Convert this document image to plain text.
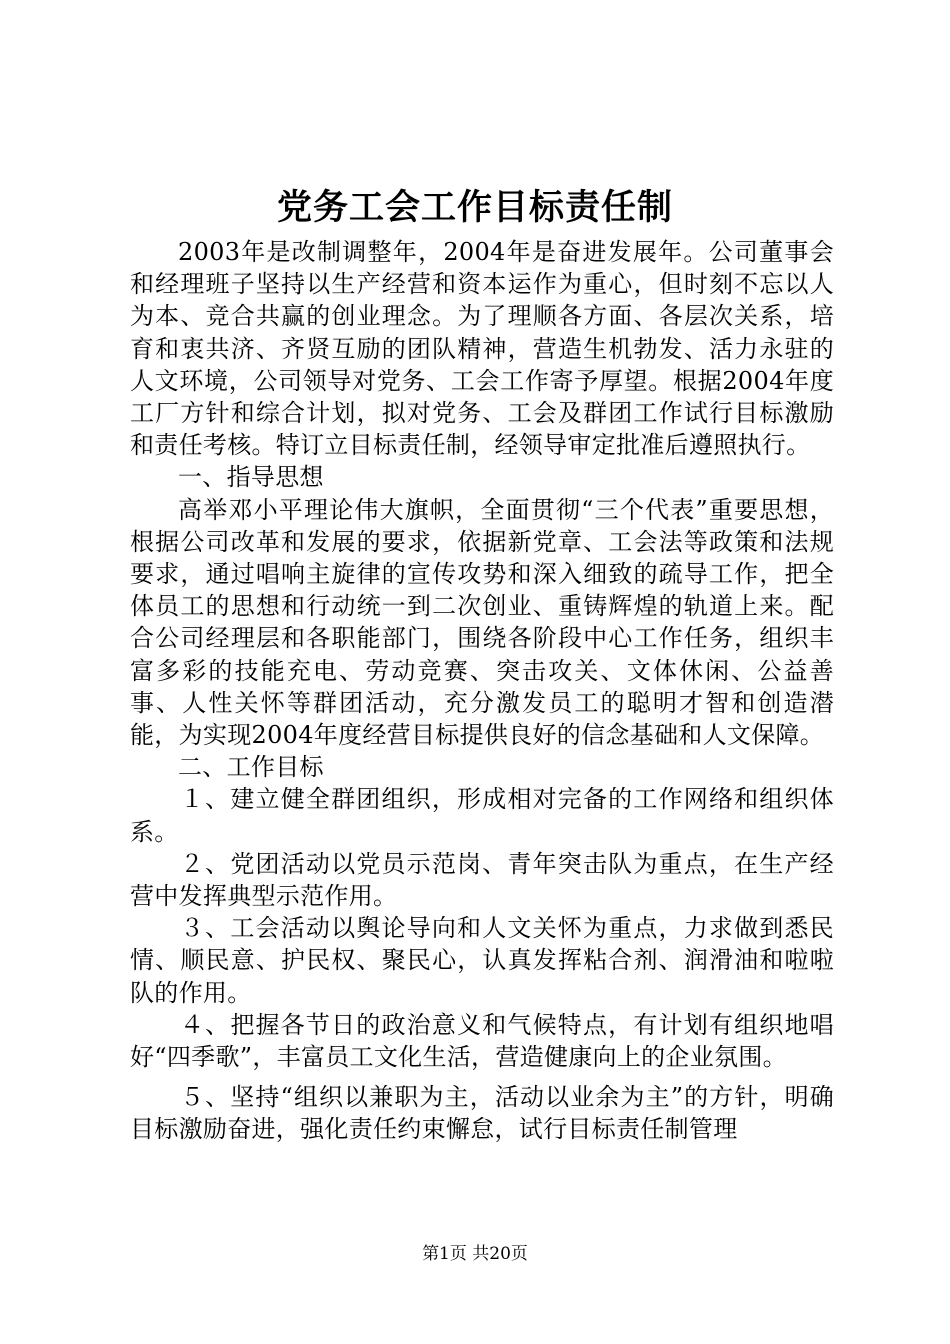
党务工会工作目标责任制

2003年是改制调整年，2004年是奋进发展年。公司董事会和经理班子坚持以生产经营和资本运作为重心，但时刻不忘以人为本、竞合共赢的创业理念。为了理顺各方面、各层次关系，培育和衷共济、齐贤互励的团队精神，营造生机勃发、活力永驻的人文环境，公司领导对党务、工会工作寄予厚望。根据2004年度工厂方针和综合计划，拟对党务、工会及群团工作试行目标激励和责任考核。特订立目标责任制，经领导审定批准后遵照执行。

一、指导思想

高举邓小平理论伟大旗帜，全面贯彻“三个代表”重要思想，根据公司改革和发展的要求，依据新党章、工会法等政策和法规要求，通过唱响主旋律的宣传攻势和深入细致的疏导工作，把全体员工的思想和行动统一到二次创业、重铸辉煌的轨道上来。配合公司经理层和各职能部门，围绕各阶段中心工作任务，组织丰富多彩的技能充电、劳动竞赛、突击攻关、文体休闲、公益善事、人性关怀等群团活动，充分激发员工的聪明才智和创造潜能，为实现2004年度经营目标提供良好的信念基础和人文保障。

二、工作目标

１、建立健全群团组织，形成相对完备的工作网络和组织体系。

２、党团活动以党员示范岗、青年突击队为重点，在生产经营中发挥典型示范作用。

３、工会活动以舆论导向和人文关怀为重点，力求做到悉民情、顺民意、护民权、聚民心，认真发挥粘合剂、润滑油和啦啦队的作用。

４、把握各节日的政治意义和气候特点，有计划有组织地唱好“四季歌”，丰富员工文化生活，营造健康向上的企业氛围。

５、坚持“组织以兼职为主，活动以业余为主”的方针，明确目标激励奋进，强化责任约束懈怠，试行目标责任制管理

第1页 共20页
